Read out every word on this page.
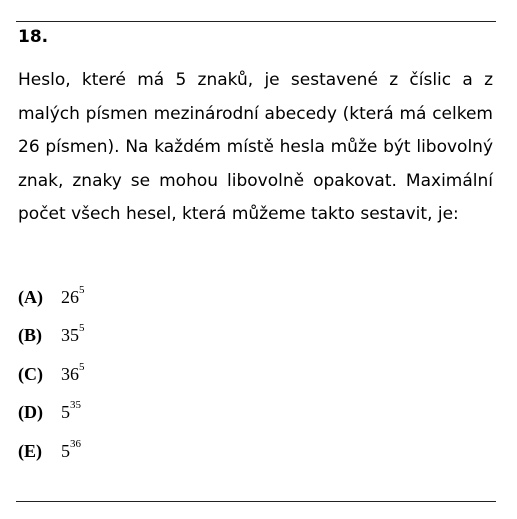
18.

Heslo, které má 5 znaků, je sestavené z číslic a z malých písmen mezinárodní abecedy (která má celkem 26 písmen). Na každém místě hesla může být libovolný znak, znaky se mohou libovolně opakovat. Maximální počet všech hesel, která můžeme takto sestavit, je:

(A)	$26^5$
(B)	$35^5$
(C)	$36^5$
(D)	$5^{35}$
(E)	$5^{36}$
